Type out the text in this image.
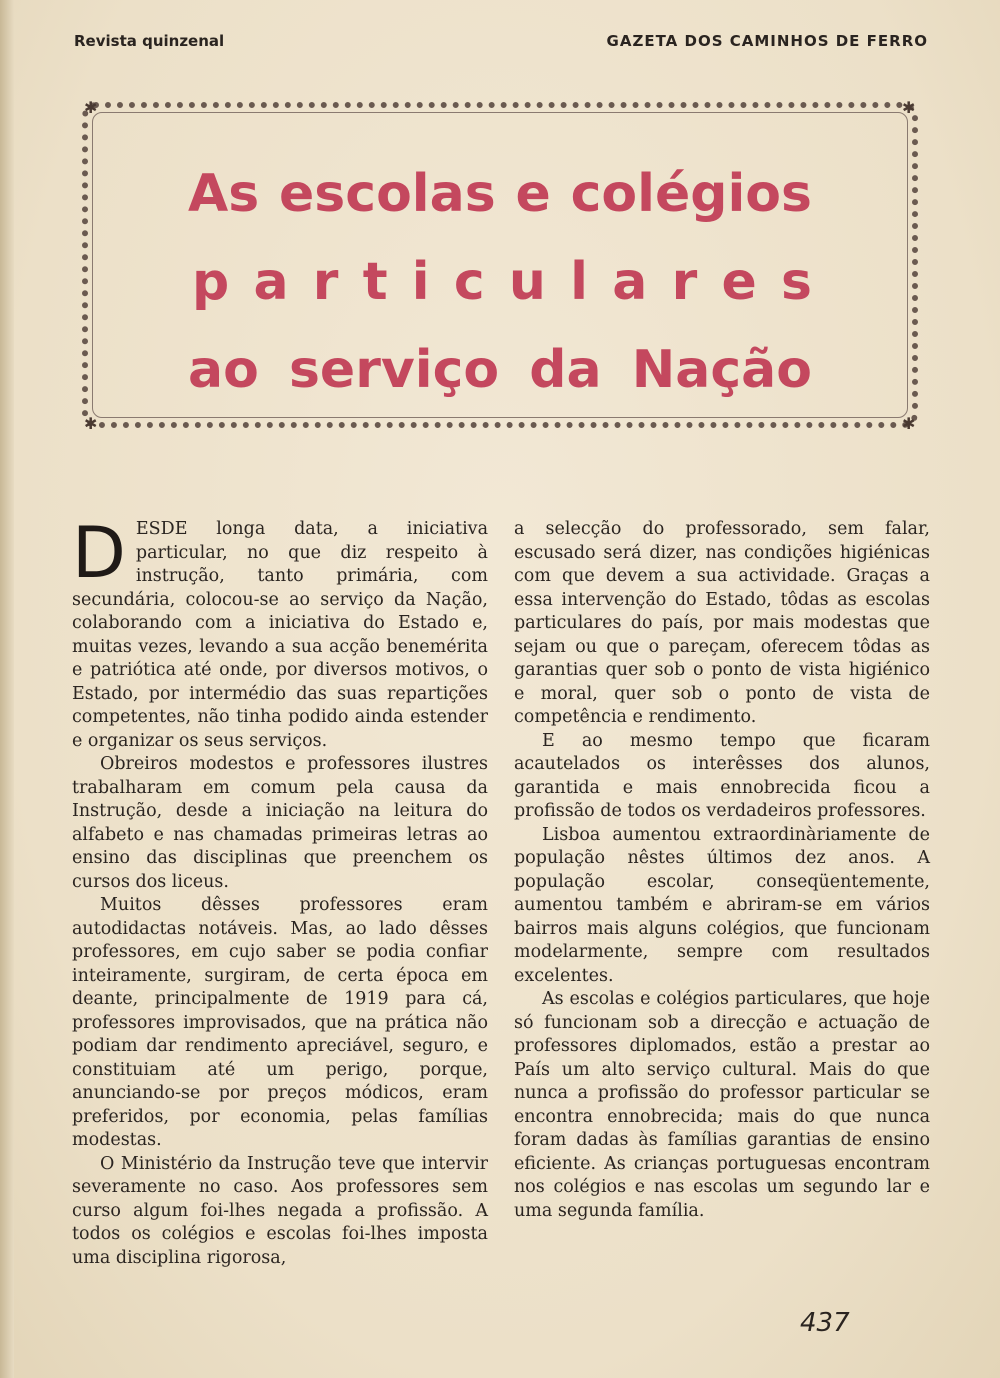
Revista quinzenal	GAZETA DOS CAMINHOS DE FERRO
✱	✱
✱	✱
As escolas e colégios
p a r t i c u l a r e s
ao serviço da Nação

DESDE longa data, a iniciativa particular, no que diz respeito à instrução, tanto primária, com secundária, colocou-se ao serviço da Nação, colaborando com a iniciativa do Estado e, muitas vezes, levando a sua acção benemérita e patriótica até onde, por diversos motivos, o Estado, por intermédio das suas repartições competentes, não tinha podido ainda estender e organizar os seus serviços.

Obreiros modestos e professores ilustres trabalharam em comum pela causa da Instrução, desde a iniciação na leitura do alfabeto e nas chamadas primeiras letras ao ensino das disciplinas que preenchem os cursos dos liceus.

Muitos dêsses professores eram autodidactas notáveis. Mas, ao lado dêsses professores, em cujo saber se podia confiar inteiramente, surgiram, de certa época em deante, principalmente de 1919 para cá, professores improvisados, que na prática não podiam dar rendimento apreciável, seguro, e constituiam até um perigo, porque, anunciando-se por preços módicos, eram preferidos, por economia, pelas famílias modestas.

O Ministério da Instrução teve que intervir severamente no caso. Aos professores sem curso algum foi-lhes negada a profissão. A todos os colégios e escolas foi-lhes imposta uma disciplina rigorosa,

a selecção do professorado, sem falar, escusado será dizer, nas condições higiénicas com que devem a sua actividade. Graças a essa intervenção do Estado, tôdas as escolas particulares do país, por mais modestas que sejam ou que o pareçam, oferecem tôdas as garantias quer sob o ponto de vista higiénico e moral, quer sob o ponto de vista de competência e rendimento.

E ao mesmo tempo que ficaram acautelados os interêsses dos alunos, garantida e mais ennobrecida ficou a profissão de todos os verdadeiros professores.

Lisboa aumentou extraordinàriamente de população nêstes últimos dez anos. A população escolar, conseqüentemente, aumentou também e abriram-se em vários bairros mais alguns colégios, que funcionam modelarmente, sempre com resultados excelentes.

As escolas e colégios particulares, que hoje só funcionam sob a direcção e actuação de professores diplomados, estão a prestar ao País um alto serviço cultural. Mais do que nunca a profissão do professor particular se encontra ennobrecida; mais do que nunca foram dadas às famílias garantias de ensino eficiente. As crianças portuguesas encontram nos colégios e nas escolas um segundo lar e uma segunda família.

437
